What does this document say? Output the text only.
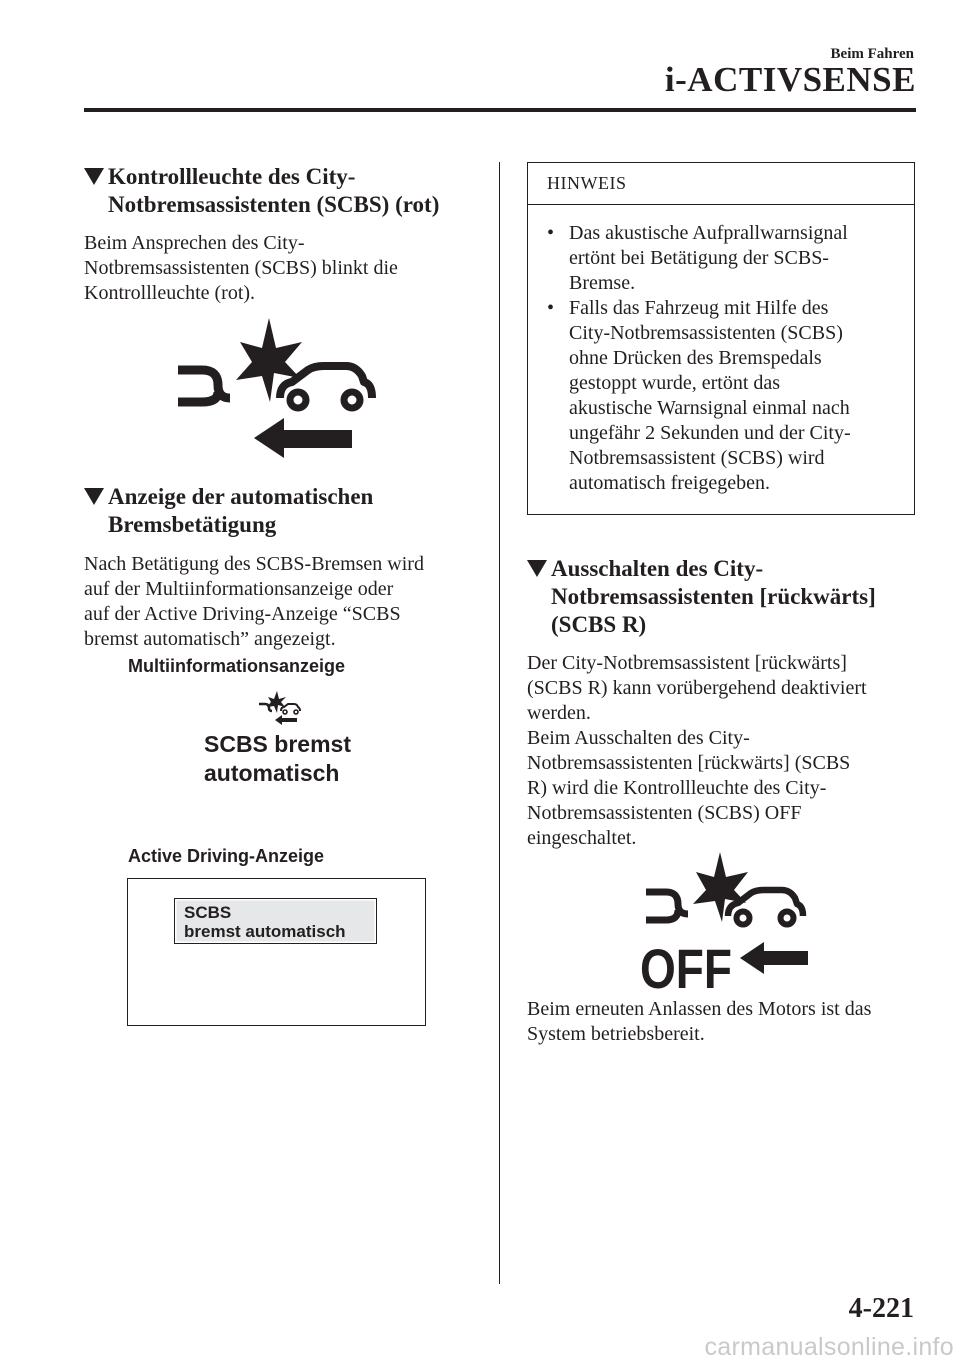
Beim Fahren
i-ACTIVSENSE
Kontrollleuchte des City-
Notbremsassistenten (SCBS) (rot)

Beim Ansprechen des City-
Notbremsassistenten (SCBS) blinkt die
Kontrollleuchte (rot).

Anzeige der automatischen
Bremsbetätigung

Nach Betätigung des SCBS-Bremsen wird
auf der Multiinformationsanzeige oder
auf der Active Driving-Anzeige “SCBS
bremst automatisch” angezeigt.

Multiinformationsanzeige
SCBS bremst
automatisch
Active Driving-Anzeige
SCBS
bremst automatisch
HINWEIS
• Das akustische Aufprallwarnsignal
ertönt bei Betätigung der SCBS-
Bremse.
• Falls das Fahrzeug mit Hilfe des
City-Notbremsassistenten (SCBS)
ohne Drücken des Bremspedals
gestoppt wurde, ertönt das
akustische Warnsignal einmal nach
ungefähr 2 Sekunden und der City-
Notbremsassistent (SCBS) wird
automatisch freigegeben.
Ausschalten des City-
Notbremsassistenten [rückwärts]
(SCBS R)

Der City-Notbremsassistent [rückwärts]
(SCBS R) kann vorübergehend deaktiviert
werden.
Beim Ausschalten des City-
Notbremsassistenten [rückwärts] (SCBS
R) wird die Kontrollleuchte des City-
Notbremsassistenten (SCBS) OFF
eingeschaltet.

OFF

Beim erneuten Anlassen des Motors ist das
System betriebsbereit.

4-221
carmanualsonline.info
